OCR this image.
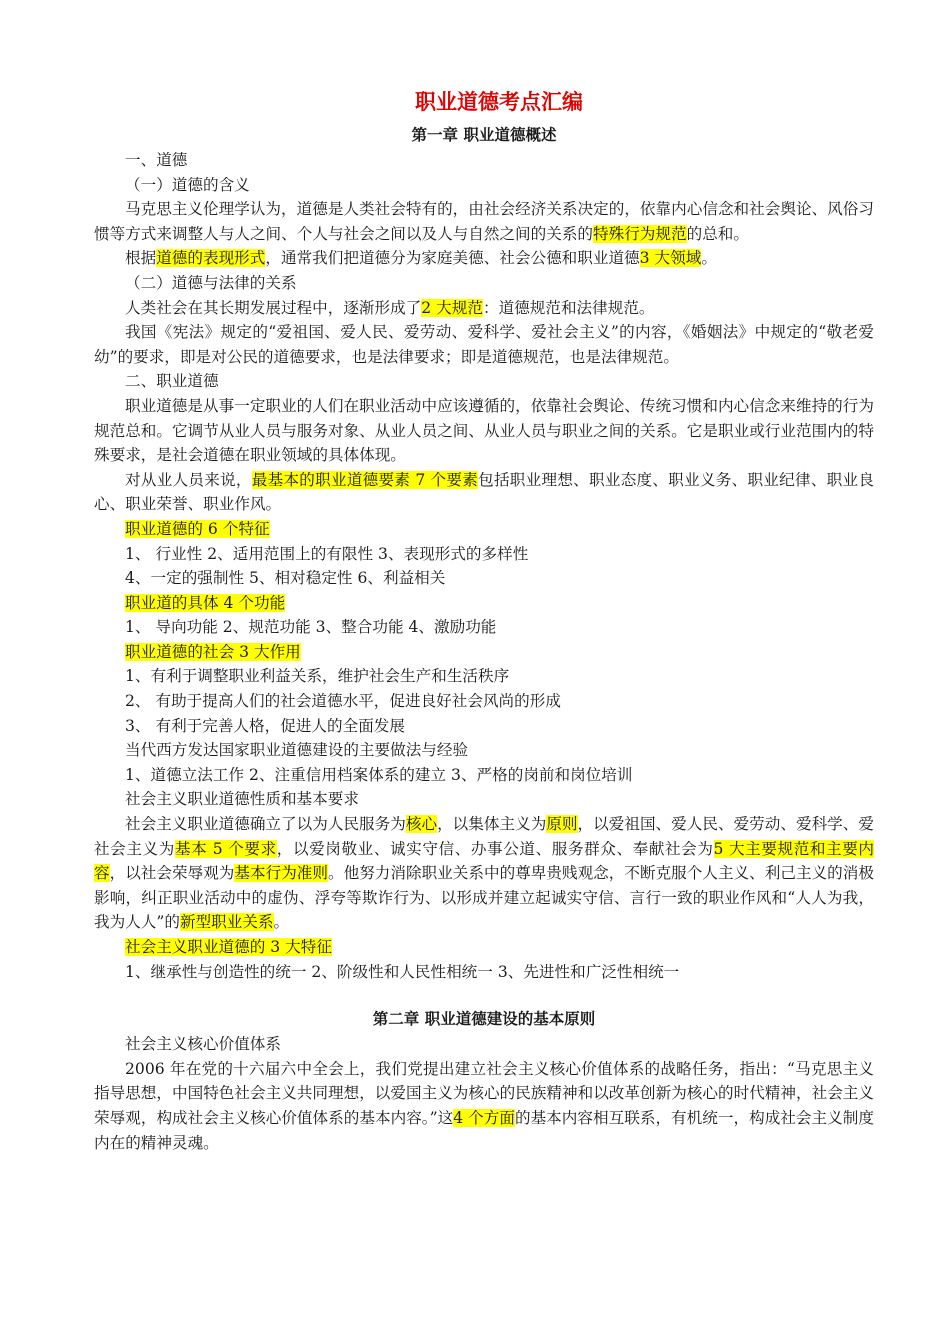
职业道德考点汇编
第一章 职业道德概述

一、道德

（一）道德的含义

马克思主义伦理学认为，道德是人类社会特有的，由社会经济关系决定的，依靠内心信念和社会舆论、风俗习惯等方式来调整人与人之间、个人与社会之间以及人与自然之间的关系的特殊行为规范的总和。

根据道德的表现形式，通常我们把道德分为家庭美德、社会公德和职业道德3 大领域。

（二）道德与法律的关系

人类社会在其长期发展过程中，逐渐形成了2 大规范：道德规范和法律规范。

我国《宪法》规定的“爱祖国、爱人民、爱劳动、爱科学、爱社会主义”的内容，《婚姻法》中规定的“敬老爱幼”的要求，即是对公民的道德要求，也是法律要求；即是道德规范，也是法律规范。

二、职业道德

职业道德是从事一定职业的人们在职业活动中应该遵循的，依靠社会舆论、传统习惯和内心信念来维持的行为规范总和。它调节从业人员与服务对象、从业人员之间、从业人员与职业之间的关系。它是职业或行业范围内的特殊要求，是社会道德在职业领域的具体体现。

对从业人员来说，最基本的职业道德要素 7 个要素包括职业理想、职业态度、职业义务、职业纪律、职业良心、职业荣誉、职业作风。

职业道德的 6 个特征

1、 行业性 2、适用范围上的有限性 3、表现形式的多样性

4、一定的强制性 5、相对稳定性 6、利益相关

职业道的具体 4 个功能

1、 导向功能 2、规范功能 3、整合功能 4、激励功能

职业道德的社会 3 大作用

1、有利于调整职业利益关系，维护社会生产和生活秩序

2、 有助于提高人们的社会道德水平，促进良好社会风尚的形成

3、 有利于完善人格，促进人的全面发展

当代西方发达国家职业道德建设的主要做法与经验

1、道德立法工作 2、注重信用档案体系的建立 3、严格的岗前和岗位培训

社会主义职业道德性质和基本要求

社会主义职业道德确立了以为人民服务为核心，以集体主义为原则，以爱祖国、爱人民、爱劳动、爱科学、爱社会主义为基本 5 个要求，以爱岗敬业、诚实守信、办事公道、服务群众、奉献社会为5 大主要规范和主要内容，以社会荣辱观为基本行为准则。他努力消除职业关系中的尊卑贵贱观念，不断克服个人主义、利己主义的消极影响，纠正职业活动中的虚伪、浮夸等欺诈行为、以形成并建立起诚实守信、言行一致的职业作风和“人人为我，我为人人”的新型职业关系。

社会主义职业道德的 3 大特征

1、继承性与创造性的统一 2、阶级性和人民性相统一 3、先进性和广泛性相统一

第二章 职业道德建设的基本原则

社会主义核心价值体系

2006 年在党的十六届六中全会上，我们党提出建立社会主义核心价值体系的战略任务，指出：“马克思主义指导思想，中国特色社会主义共同理想，以爱国主义为核心的民族精神和以改革创新为核心的时代精神，社会主义荣辱观，构成社会主义核心价值体系的基本内容。”这4 个方面的基本内容相互联系，有机统一，构成社会主义制度内在的精神灵魂。
